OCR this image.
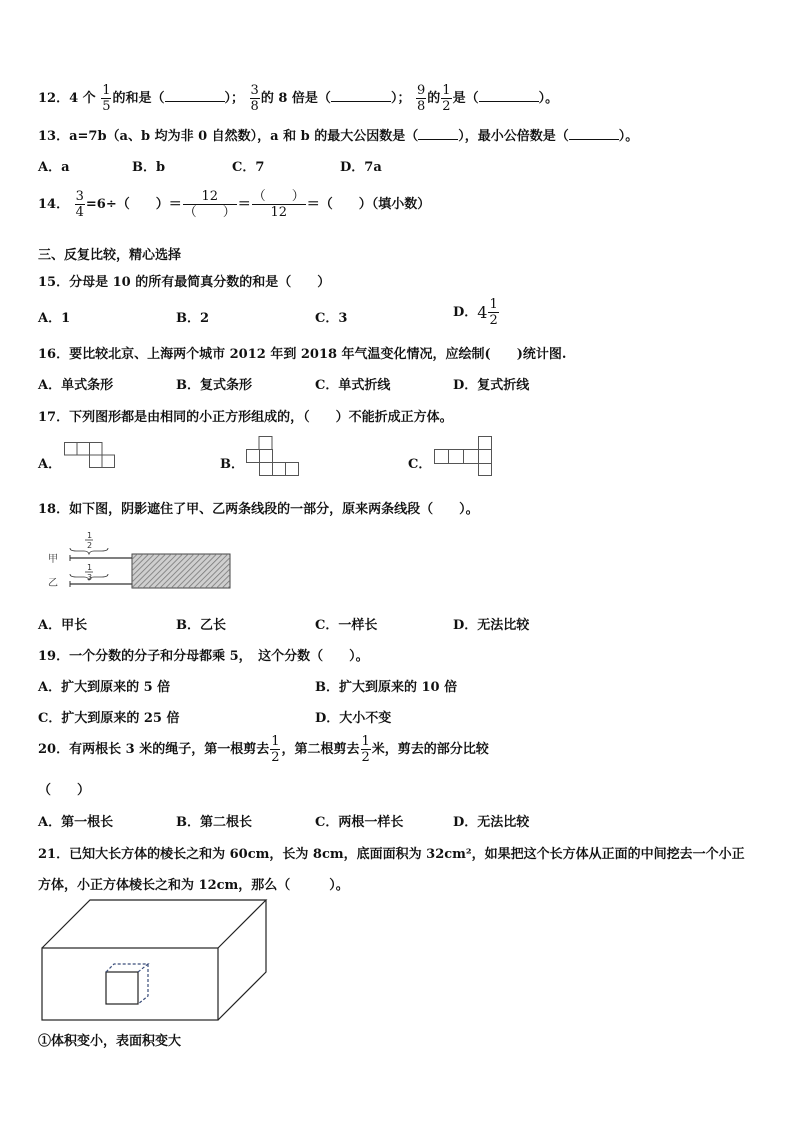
12．4 个 $\frac{1}{5}$ 的和是（	）； $\frac{3}{8}$ 的 8 倍是（	）； $\frac{9}{8}$ 的 $\frac{1}{2}$ 是（	）。
13．a=7b（a、b 均为非 0 自然数），a 和 b 的最大公因数是（	），最小公倍数是（	）。
A．a	B．b	C．7	D．7a
14． $\frac{3}{4} =6\div$（　　）＝ $\frac{12}{( )} = \frac{( )}{12}$ ＝（　　）（填小数）
三、反复比较，精心选择
15．分母是 10 的所有最简真分数的和是（　　）
A．1	B．2	C．3	D．$4 \frac{1}{2}$
16．要比较北京、上海两个城市 2012 年到 2018 年气温变化情况，应绘制(　　)统计图.
A．单式条形	B．复式条形	C．单式折线	D．复式折线
17．下列图形都是由相同的小正方形组成的，（　　）不能折成正方体。
A．	B．	C．
18．如下图，阴影遮住了甲、乙两条线段的一部分，原来两条线段（　　）。
甲
乙
1
2
1
3
A．甲长	B．乙长	C．一样长	D．无法比较
19．一个分数的分子和分母都乘 5，　这个分数（　　）。
A．扩大到原来的 5 倍	B．扩大到原来的 10 倍
C．扩大到原来的 25 倍	D．大小不变
20．有两根长 3 米的绳子，第一根剪去 $\frac{1}{2}$ ，第二根剪去 $\frac{1}{2}$ 米，剪去的部分比较
（　　）
A．第一根长	B．第二根长	C．两根一样长	D．无法比较
21．已知大长方体的棱长之和为 60cm，长为 8cm，底面面积为 32cm²，如果把这个长方体从正面的中间挖去一个小正
方体，小正方体棱长之和为 12cm，那么（　　　）。
①体积变小，表面积变大
